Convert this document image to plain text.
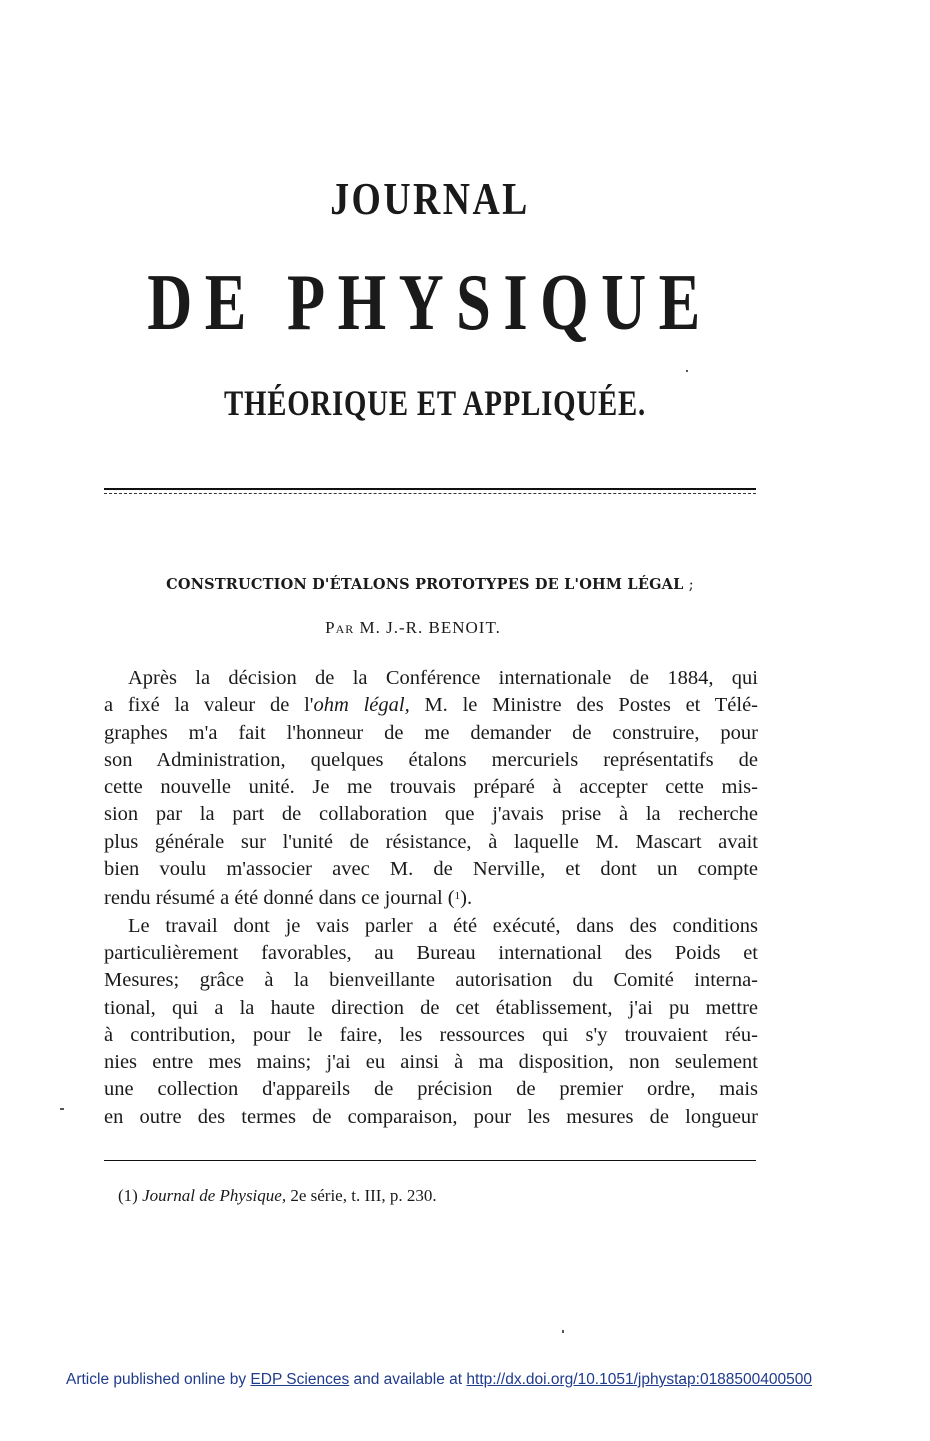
JOURNAL
DE PHYSIQUE
THÉORIQUE ET APPLIQUÉE.
CONSTRUCTION D'ÉTALONS PROTOTYPES DE L'OHM LÉGAL ;
Par M. J.-R. BENOIT.
Après la décision de la Conférence internationale de 1884, qui
a fixé la valeur de l'ohm légal, M. le Ministre des Postes et Télé-
graphes m'a fait l'honneur de me demander de construire, pour
son Administration, quelques étalons mercuriels représentatifs de
cette nouvelle unité. Je me trouvais préparé à accepter cette mis-
sion par la part de collaboration que j'avais prise à la recherche
plus générale sur l'unité de résistance, à laquelle M. Mascart avait
bien voulu m'associer avec M. de Nerville, et dont un compte
rendu résumé a été donné dans ce journal ($^1$).
Le travail dont je vais parler a été exécuté, dans des conditions
particulièrement favorables, au Bureau international des Poids et
Mesures; grâce à la bienveillante autorisation du Comité interna-
tional, qui a la haute direction de cet établissement, j'ai pu mettre
à contribution, pour le faire, les ressources qui s'y trouvaient réu-
nies entre mes mains; j'ai eu ainsi à ma disposition, non seulement
une collection d'appareils de précision de premier ordre, mais
en outre des termes de comparaison, pour les mesures de longueur
(1) Journal de Physique, 2e série, t. III, p. 230.
Article published online by EDP Sciences and available at http://dx.doi.org/10.1051/jphystap:0188500400500
